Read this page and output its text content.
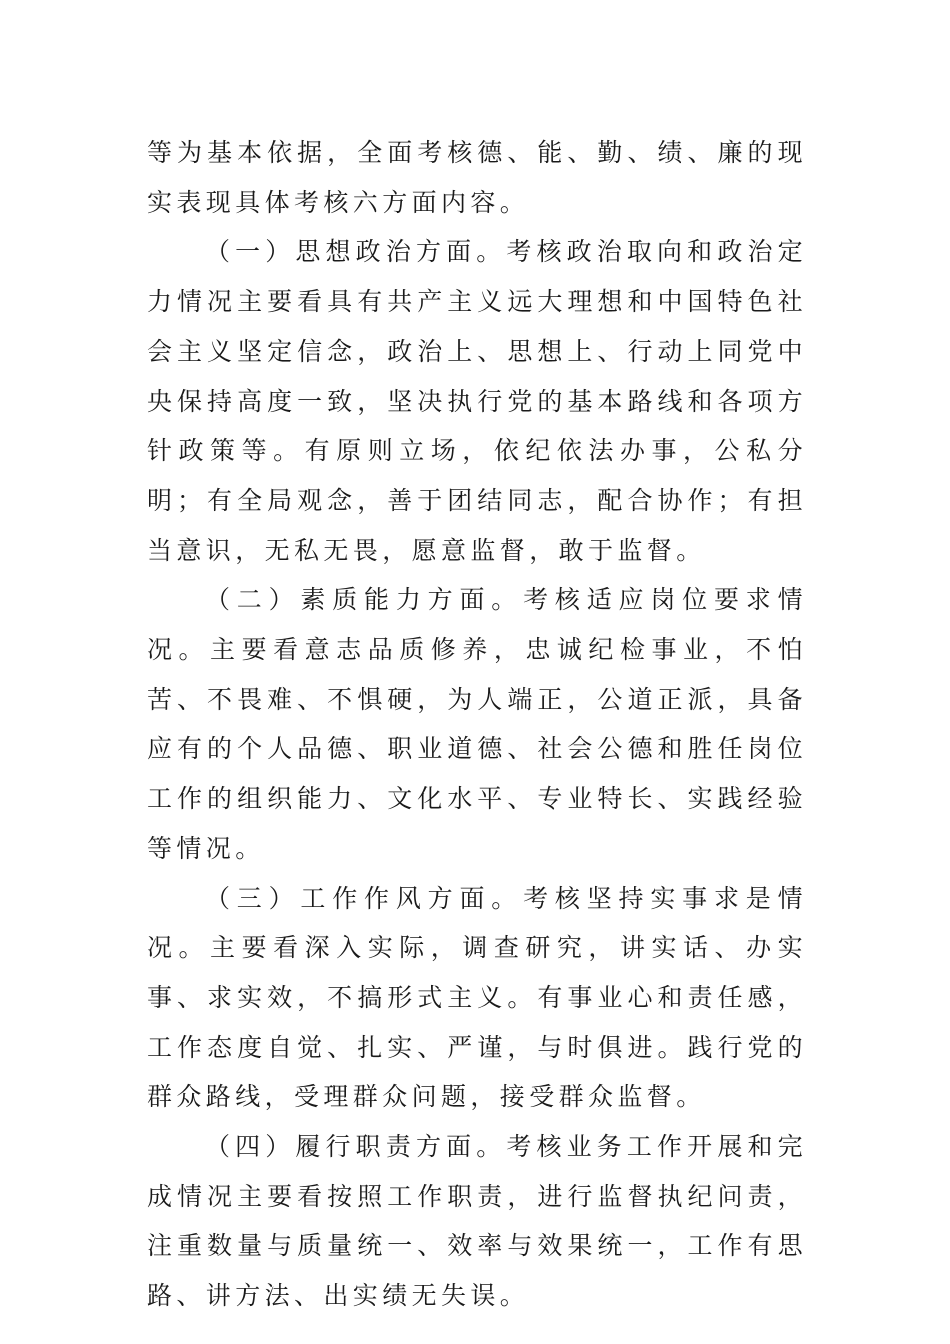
等为基本依据，全面考核德、能、勤、绩、廉的现实表现具体考核六方面内容。

（一）思想政治方面。考核政治取向和政治定力情况主要看具有共产主义远大理想和中国特色社会主义坚定信念，政治上、思想上、行动上同党中央保持高度一致，坚决执行党的基本路线和各项方针政策等。有原则立场，依纪依法办事，公私分明；有全局观念，善于团结同志，配合协作；有担当意识，无私无畏，愿意监督，敢于监督。

（二）素质能力方面。考核适应岗位要求情况。主要看意志品质修养，忠诚纪检事业，不怕苦、不畏难、不惧硬，为人端正，公道正派，具备应有的个人品德、职业道德、社会公德和胜任岗位工作的组织能力、文化水平、专业特长、实践经验等情况。

（三）工作作风方面。考核坚持实事求是情况。主要看深入实际，调查研究，讲实话、办实事、求实效，不搞形式主义。有事业心和责任感，工作态度自觉、扎实、严谨，与时俱进。践行党的群众路线，受理群众问题，接受群众监督。

（四）履行职责方面。考核业务工作开展和完成情况主要看按照工作职责，进行监督执纪问责，注重数量与质量统一、效率与效果统一，工作有思路、讲方法、出实绩无失误。
